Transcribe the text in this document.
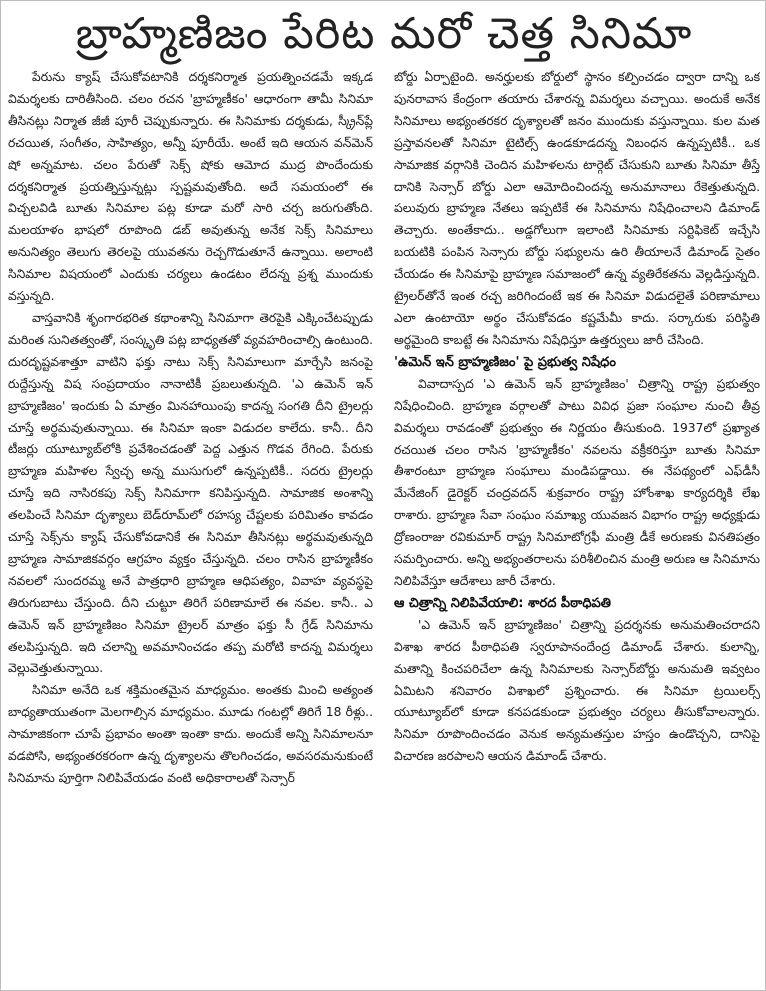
బ్రాహ్మణిజం పేరిట మరో చెత్త సినిమా

పేరును క్యాష్ చేసుకోవటానికి దర్శకనిర్మాత ప్రయత్నించడమే ఇక్కడ విమర్శలకు దారితీసింది. చలం రచన 'బ్రాహ్మణీకం' ఆధారంగా తామీ సినిమా తీసినట్లు నిర్మాత జీజీ పూరీ చెప్పుకున్నారు. ఈ సినిమాకు దర్శకుడు, స్క్రీన్‌ప్లే రచయిత, సంగీతం, సాహిత్యం, అన్నీ పూరీయే. అంటే ఇది ఆయన వన్‌మెన్ షో అన్నమాట. చలం పేరుతో సెక్స్ షోకు ఆమోద ముద్ర పొందేందుకు దర్శకనిర్మాత ప్రయత్నిస్తున్నట్లు స్పష్టమవుతోంది. అదే సమయంలో ఈ విచ్చలవిడి బూతు సినిమాల పట్ల కూడా మరో సారి చర్చ జరుగుతోంది. మలయాళం భాషలో రూపొంది డబ్ అవుతున్న అనేక సెక్స్ సినిమాలు అనునిత్యం తెలుగు తెరలపై యువతను రెచ్చగొడుతూనే ఉన్నాయి. అలాంటి సినిమాల విషయంలో ఎందుకు చర్యలు ఉండటం లేదన్న ప్రశ్న ముందుకు వస్తున్నది.

వాస్తవానికి శృంగారభరిత కథాంశాన్ని సినిమాగా తెరపైకి ఎక్కించేటప్పుడు మరింత సునితత్వంతో, సంస్కృతి పట్ల బాధ్యతతో వ్యవహరించాల్సి ఉంటుంది. దురదృష్టవశాత్తూ వాటిని ఫక్తు నాటు సెక్స్ సినిమాలుగా మార్చేసి జనంపై రుద్దేస్తున్న విష సంప్రదాయం నానాటికీ ప్రబలుతున్నది. 'ఎ ఉమెన్ ఇన్ బ్రాహ్మణిజం' ఇందుకు ఏ మాత్రం మినహాయింపు కాదన్న సంగతి దీని ట్రైలర్లు చూస్తే అర్థమవుతున్నాయి. ఈ సినిమా ఇంకా విడుదల కాలేదు. కానీ.. దీని టీజర్లు యూట్యూబ్‌లోకి ప్రవేశించడంతో పెద్ద ఎత్తున గొడవ రేగింది. పేరుకు బ్రాహ్మణ మహిళల స్వేచ్ఛ అన్న ముసుగులో ఉన్నప్పటికీ.. సదరు ట్రైలర్లు చూస్తే ఇది నాసిరకపు సెక్స్ సినిమాగా కనిపిస్తున్నది. సామాజిక అంశాన్ని తలపించే సినిమా దృశ్యాలు బెడ్‌రూమ్‌లో రహస్య చేష్టలకు పరిమితం కావడం చూస్తే సెక్స్‌ను క్యాష్ చేసుకోవడానికే ఈ సినిమా తీసినట్లు అర్థమవుతున్నది బ్రాహ్మణ సామాజికవర్గం ఆగ్రహం వ్యక్తం చేస్తున్నది. చలం రాసిన బ్రాహ్మణీకం నవలలో సుందరమ్మ అనే పాత్రధారి బ్రాహ్మణ ఆధిపత్యం, వివాహ వ్యవస్థపై తిరుగుబాటు చేస్తుంది. దీని చుట్టూ తిరిగే పరిణామాలే ఈ నవల. కానీ.. ఎ ఉమెన్ ఇన్ బ్రాహ్మణిజం సినిమా ట్రైలర్ మాత్రం ఫక్తు సీ గ్రేడ్ సినిమాను తలపిస్తున్నది. ఇది చలాన్ని అవమానించడం తప్ప మరోటి కాదన్న విమర్శలు వెల్లువెత్తుతున్నాయి.

సినిమా అనేది ఒక శక్తిమంతమైన మాధ్యమం. అంతకు మించి అత్యంత బాధ్యతాయుతంగా మెలగాల్సిన మాధ్యమం. మూడు గంటల్లో తిరిగే 18 రీళ్లు.. సామాజికంగా చూపే ప్రభావం అంతా ఇంతా కాదు. అందుకే అన్ని సినిమాలనూ వడపోసి, అభ్యంతరకరంగా ఉన్న దృశ్యాలను తొలగించడం, అవసరమనుకుంటే సినిమాను పూర్తిగా నిలిపివేయడం వంటి అధికారాలతో సెన్సార్

బోర్డు ఏర్పాటైంది. అనర్హులకు బోర్డులో స్థానం కల్పించడం ద్వారా దాన్ని ఒక పునరావాస కేంద్రంగా తయారు చేశారన్న విమర్శలు వచ్చాయి. అందుకే అనేక సినిమాలు అభ్యంతరకర దృశ్యాలతో జనం ముందుకు వస్తున్నాయి. కుల మత ప్రస్తావనలతో సినిమా టైటిల్స్ ఉండకూడదన్న నిబంధన ఉన్నప్పటికీ.. ఒక సామాజిక వర్గానికి చెందిన మహిళలను టార్గెట్ చేసుకుని బూతు సినిమా తీస్తే దానికి సెన్సార్ బోర్డు ఎలా ఆమోదించిందన్న అనుమానాలు రేకెత్తుతున్నది. పలువురు బ్రాహ్మణ నేతలు ఇప్పటికే ఈ సినిమాను నిషేధించాలని డిమాండ్ తెచ్చారు. అంతేకాదు.. అడ్డగోలుగా ఇలాంటి సినిమాకు సర్టిఫికెట్ ఇచ్చేసి బయటికి పంపిన సెన్సారు బోర్డు సభ్యులను ఉరి తీయాలనే డిమాండ్ సైతం చేయడం ఈ సినిమాపై బ్రాహ్మణ సమాజంలో ఉన్న వ్యతిరేకతను వెల్లడిస్తున్నది. ట్రైలర్‌తోనే ఇంత రచ్చ జరిగిందంటే ఇక ఈ సినిమా విడుదలైతే పరిణామాలు ఎలా ఉంటాయో అర్థం చేసుకోవడం కష్టమేమీ కాదు. సర్కారుకు పరిస్థితి అర్థమైంది కాబట్టే ఈ సినిమాను నిషేధిస్తూ ఉత్తర్వులు జారీ చేసింది.

'ఉమెన్ ఇన్ బ్రాహ్మణిజం' పై ప్రభుత్వ నిషేధం

వివాదాస్పద 'ఎ ఉమెన్ ఇన్ బ్రాహ్మణిజం' చిత్రాన్ని రాష్ట్ర ప్రభుత్వం నిషేధించింది. బ్రాహ్మణ వర్గాలతో పాటు వివిధ ప్రజా సంఘాల నుంచి తీవ్ర విమర్శలు రావడంతో ప్రభుత్వం ఈ నిర్ణయం తీసుకుంది. 1937లో ప్రఖ్యాత రచయిత చలం రాసిన 'బ్రాహ్మణీకం' నవలను వక్రీకరిస్తూ బూతు సినిమా తీశారంటూ బ్రాహ్మణ సంఘాలు మండిపడ్డాయి. ఈ నేపథ్యంలో ఎఫ్‌డీసీ మేనేజింగ్ డైరెక్టర్ చంద్రవదన్ శుక్రవారం రాష్ట్ర హోంశాఖ కార్యదర్శికి లేఖ రాశారు. బ్రాహ్మణ సేవా సంఘం సమాఖ్య యువజన విభాగం రాష్ట్ర అధ్యక్షుడు ద్రోణంరాజు రవికుమార్ రాష్ట్ర సినిమాటోగ్రఫీ మంత్రి డీకే అరుణకు వినతిపత్రం సమర్పించారు. అన్ని అభ్యంతరాలను పరిశీలించిన మంత్రి అరుణ ఆ సినిమాను నిలిపివేస్తూ ఆదేశాలు జారీ చేశారు.

ఆ చిత్రాన్ని నిలిపివేయాలి: శారద పీఠాధిపతి

'ఎ ఉమెన్ ఇన్ బ్రాహ్మణిజం' చిత్రాన్ని ప్రదర్శనకు అనుమతించరాదని విశాఖ శారద పీఠాధిపతి స్వరూపానందేంద్ర డిమాండ్ చేశారు. కులాన్ని, మతాన్ని కించపరిచేలా ఉన్న సినిమాలకు సెన్సార్‌బోర్డు అనుమతి ఇవ్వటం ఏమిటని శనివారం విశాఖలో ప్రశ్నించారు. ఈ సినిమా ట్రయిలర్స్ యూట్యూబ్‌లో కూడా కనపడకుండా ప్రభుత్వం చర్యలు తీసుకోవాలన్నారు. సినిమా రూపొందించడం వెనుక అన్యమతస్తుల హస్తం ఉండొచ్చని, దానిపై విచారణ జరపాలని ఆయన డిమాండ్ చేశారు.
